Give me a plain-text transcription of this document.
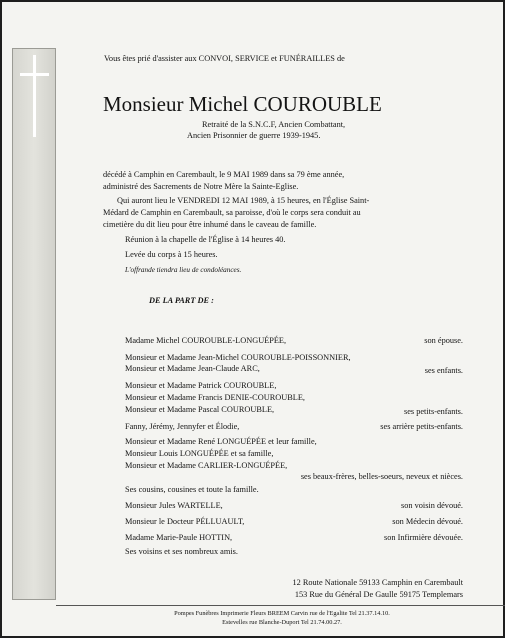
Vous êtes prié d'assister aux CONVOI, SERVICE et FUNÉRAILLES de
Monsieur Michel COUROUBLE
Retraité de la S.N.C.F, Ancien Combattant,
Ancien Prisonnier de guerre 1939-1945.
décédé à Camphin en Carembault, le 9 MAI 1989 dans sa 79 ème année,
administré des Sacrements de Notre Mère la Sainte-Eglise.
Qui auront lieu le VENDREDI 12 MAI 1989, à 15 heures, en l'Église Saint-
Médard de Camphin en Carembault, sa paroisse, d'où le corps sera conduit au
cimetière du dit lieu pour être inhumé dans le caveau de famille.
Réunion à la chapelle de l'Église à 14 heures 40.
Levée du corps à 15 heures.
L'offrande tiendra lieu de condoléances.
DE LA PART DE :
Madame Michel COUROUBLE-LONGUÉPÉE,	son épouse.
Monsieur et Madame Jean-Michel COUROUBLE-POISSONNIER,
Monsieur et Madame Jean-Claude ARC,	ses enfants.
Monsieur et Madame Patrick COUROUBLE,
Monsieur et Madame Francis DENIE-COUROUBLE,
Monsieur et Madame Pascal COUROUBLE,	ses petits-enfants.
Fanny, Jérémy, Jennyfer et Élodie,	ses arrière petits-enfants.
Monsieur et Madame René LONGUÉPÉE et leur famille,
Monsieur Louis LONGUÉPÉE et sa famille,
Monsieur et Madame CARLIER-LONGUÉPÉE,
ses beaux-frères, belles-soeurs, neveux et nièces.
Ses cousins, cousines et toute la famille.
Monsieur Jules WARTELLE,	son voisin dévoué.
Monsieur le Docteur PÉLLUAULT,	son Médecin dévoué.
Madame Marie-Paule HOTTIN,	son Infirmière dévouée.
Ses voisins et ses nombreux amis.
12 Route Nationale 59133 Camphin en Carembault
153 Rue du Général De Gaulle 59175 Templemars
Pompes Funèbres Imprimerie Fleurs BREEM Carvin rue de l'Egalite Tel 21.37.14.10.
Estevelles rue Blanche-Duport Tel 21.74.00.27.
